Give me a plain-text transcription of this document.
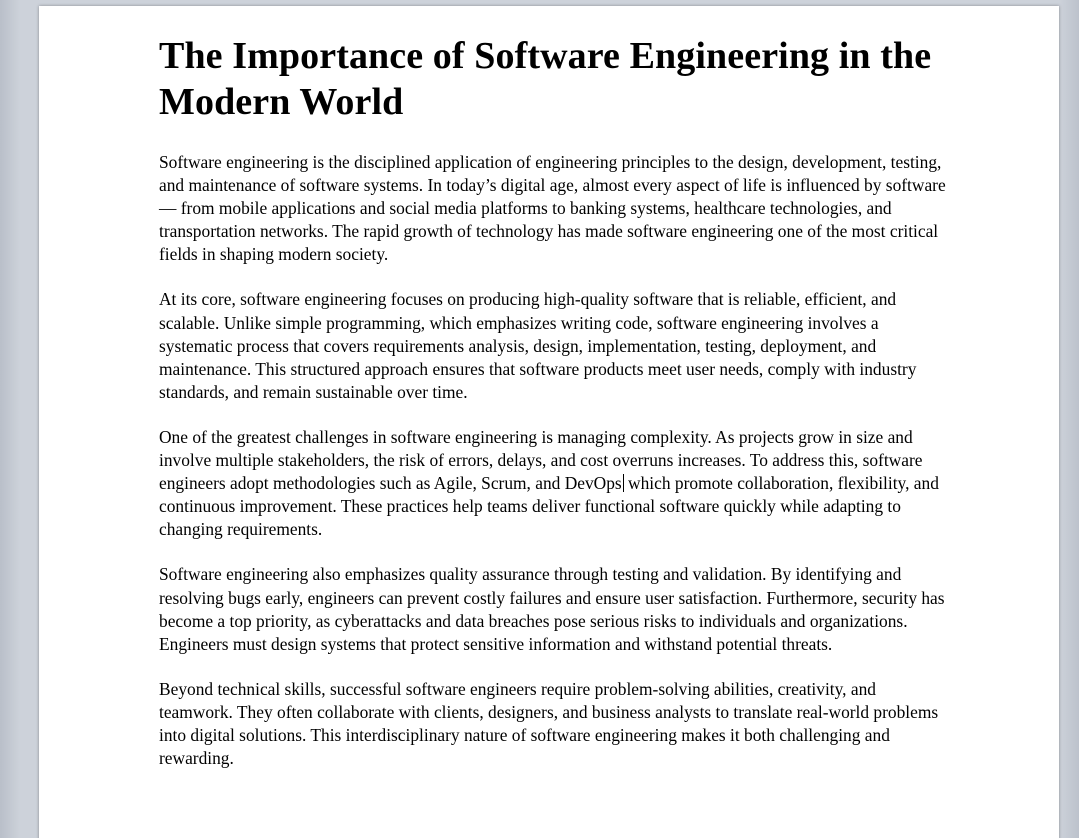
The Importance of Software Engineering in the Modern World

Software engineering is the disciplined application of engineering principles to the design, development, testing, and maintenance of software systems. In today’s digital age, almost every aspect of life is influenced by software — from mobile applications and social media platforms to banking systems, healthcare technologies, and transportation networks. The rapid growth of technology has made software engineering one of the most critical fields in shaping modern society.

At its core, software engineering focuses on producing high-quality software that is reliable, efficient, and scalable. Unlike simple programming, which emphasizes writing code, software engineering involves a systematic process that covers requirements analysis, design, implementation, testing, deployment, and maintenance. This structured approach ensures that software products meet user needs, comply with industry standards, and remain sustainable over time.

One of the greatest challenges in software engineering is managing complexity. As projects grow in size and involve multiple stakeholders, the risk of errors, delays, and cost overruns increases. To address this, software engineers adopt methodologies such as Agile, Scrum, and DevOps which promote collaboration, flexibility, and continuous improvement. These practices help teams deliver functional software quickly while adapting to changing requirements.

Software engineering also emphasizes quality assurance through testing and validation. By identifying and resolving bugs early, engineers can prevent costly failures and ensure user satisfaction. Furthermore, security has become a top priority, as cyberattacks and data breaches pose serious risks to individuals and organizations. Engineers must design systems that protect sensitive information and withstand potential threats.

Beyond technical skills, successful software engineers require problem-solving abilities, creativity, and teamwork. They often collaborate with clients, designers, and business analysts to translate real-world problems into digital solutions. This interdisciplinary nature of software engineering makes it both challenging and rewarding.
